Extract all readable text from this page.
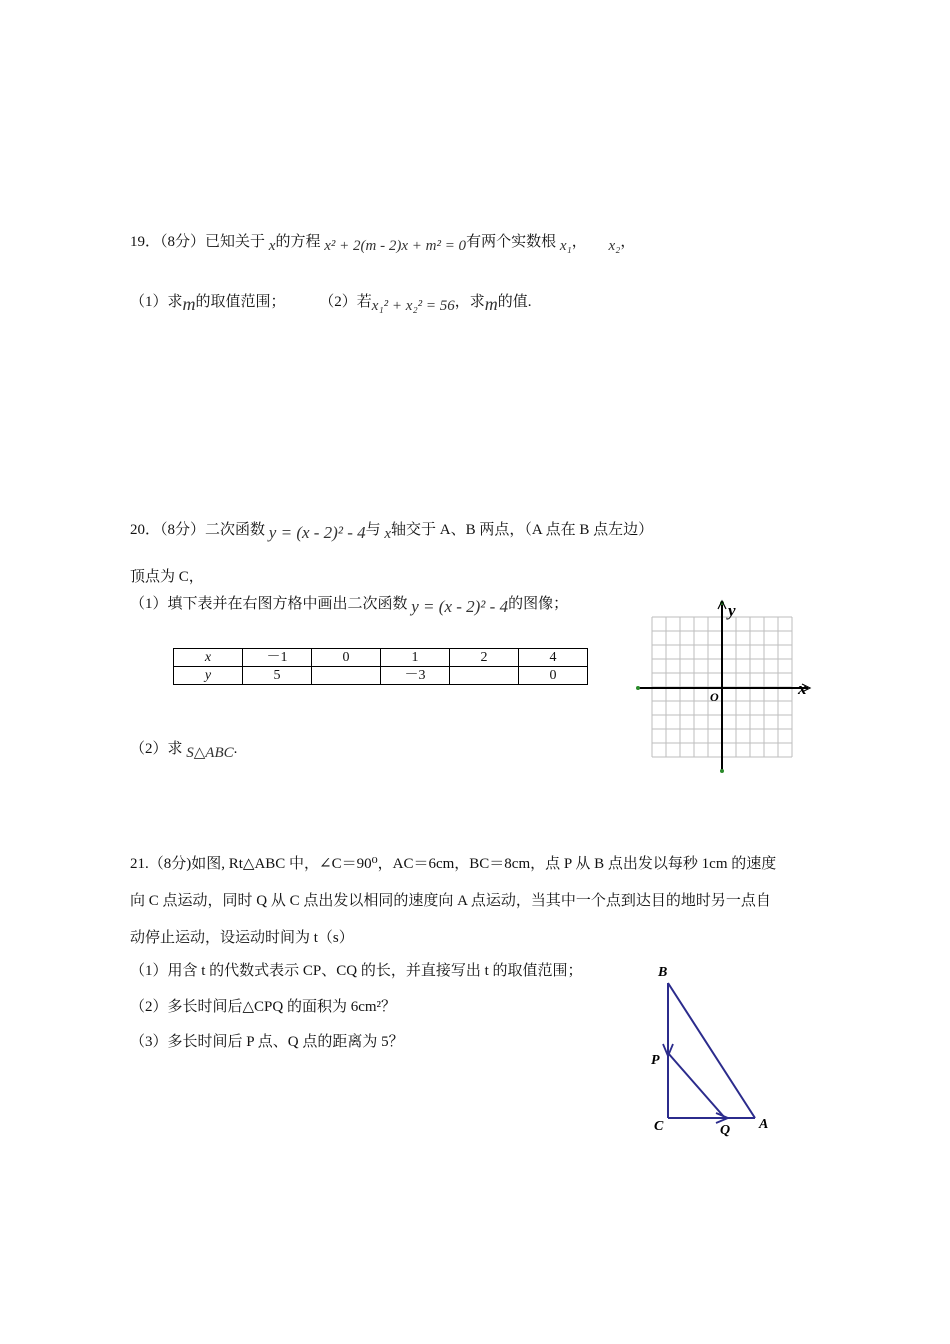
19．（8分）已知关于 x的方程 x² + 2(m - 2)x + m² = 0有两个实数根 x₁， x₂，
（1）求m的取值范围； （2）若x₁² + x₂² = 56，求m的值.
20．（8分）二次函数 y = (x - 2)² - 4与 x轴交于 A、B 两点，（A 点在 B 点左边）
顶点为 C，
（1）填下表并在右图方格中画出二次函数 y = (x - 2)² - 4的图像；
x	－1	0	1	2	4
y	5		－3		0
（2）求 S△ABC.
y
x
O
21.（8分)如图, Rt△ABC 中，∠C＝90⁰，AC＝6cm，BC＝8cm，点 P 从 B 点出发以每秒 1cm 的速度
向 C 点运动，同时 Q 从 C 点出发以相同的速度向 A 点运动，当其中一个点到达目的地时另一点自
动停止运动，设运动时间为 t（s）
（1）用含 t 的代数式表示 CP、CQ 的长，并直接写出 t 的取值范围；
（2）多长时间后△CPQ 的面积为 6cm²？
（3）多长时间后 P 点、Q 点的距离为 5？
B
P
C	Q A
